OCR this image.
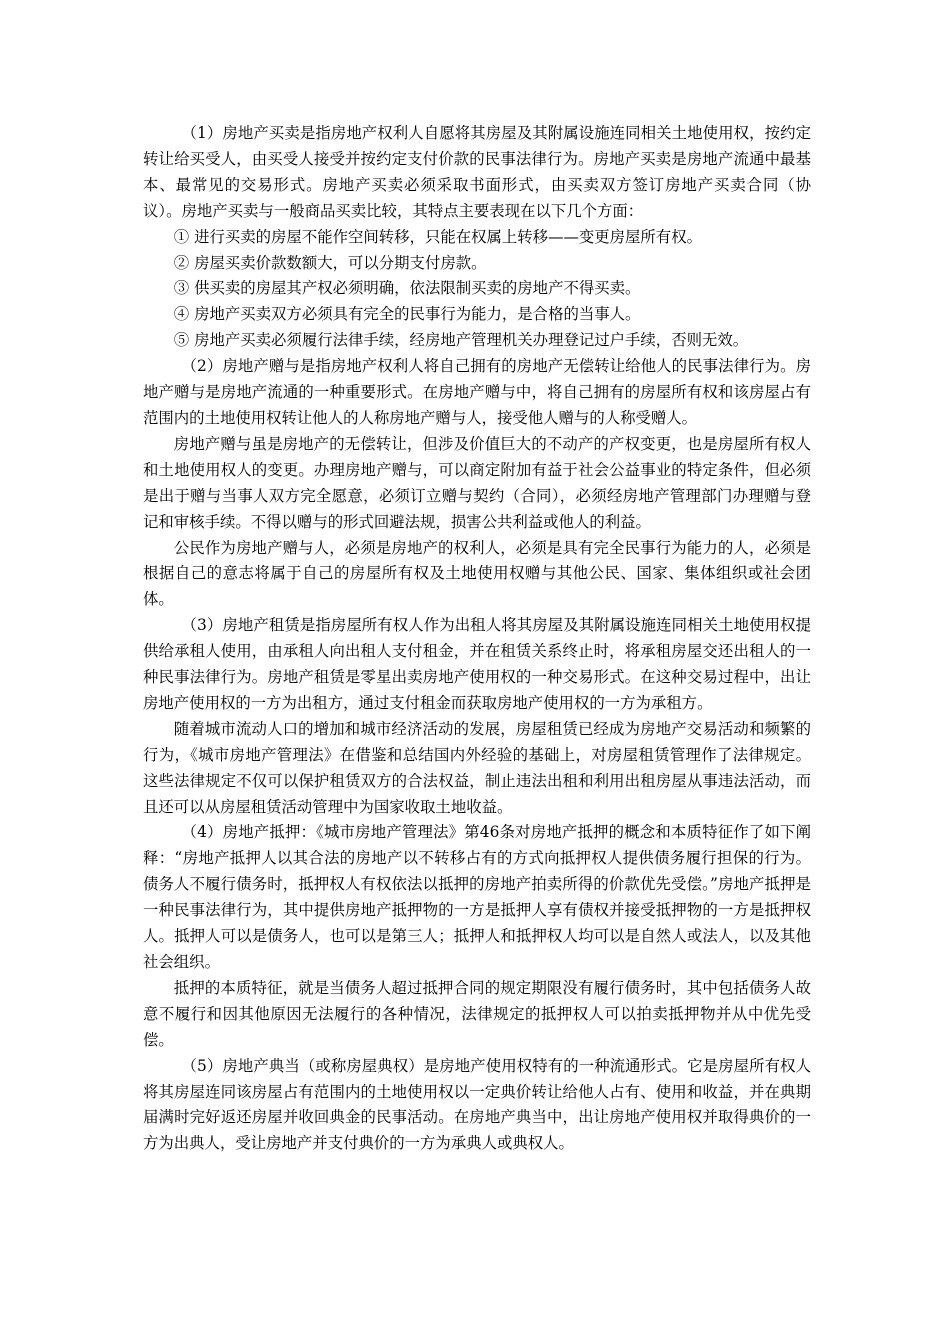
（1）房地产买卖是指房地产权利人自愿将其房屋及其附属设施连同相关土地使用权，按约定转让给买受人，由买受人接受并按约定支付价款的民事法律行为。房地产买卖是房地产流通中最基本、最常见的交易形式。房地产买卖必须采取书面形式，由买卖双方签订房地产买卖合同（协议）。房地产买卖与一般商品买卖比较，其特点主要表现在以下几个方面：

① 进行买卖的房屋不能作空间转移，只能在权属上转移——变更房屋所有权。

② 房屋买卖价款数额大，可以分期支付房款。

③ 供买卖的房屋其产权必须明确，依法限制买卖的房地产不得买卖。

④ 房地产买卖双方必须具有完全的民事行为能力，是合格的当事人。

⑤ 房地产买卖必须履行法律手续，经房地产管理机关办理登记过户手续，否则无效。

（2）房地产赠与是指房地产权利人将自己拥有的房地产无偿转让给他人的民事法律行为。房地产赠与是房地产流通的一种重要形式。在房地产赠与中，将自己拥有的房屋所有权和该房屋占有范围内的土地使用权转让他人的人称房地产赠与人，接受他人赠与的人称受赠人。

房地产赠与虽是房地产的无偿转让，但涉及价值巨大的不动产的产权变更，也是房屋所有权人和土地使用权人的变更。办理房地产赠与，可以商定附加有益于社会公益事业的特定条件，但必须是出于赠与当事人双方完全愿意，必须订立赠与契约（合同），必须经房地产管理部门办理赠与登记和审核手续。不得以赠与的形式回避法规，损害公共利益或他人的利益。

公民作为房地产赠与人，必须是房地产的权利人，必须是具有完全民事行为能力的人，必须是根据自己的意志将属于自己的房屋所有权及土地使用权赠与其他公民、国家、集体组织或社会团体。

（3）房地产租赁是指房屋所有权人作为出租人将其房屋及其附属设施连同相关土地使用权提供给承租人使用，由承租人向出租人支付租金，并在租赁关系终止时，将承租房屋交还出租人的一种民事法律行为。房地产租赁是零星出卖房地产使用权的一种交易形式。在这种交易过程中，出让房地产使用权的一方为出租方，通过支付租金而获取房地产使用权的一方为承租方。

随着城市流动人口的增加和城市经济活动的发展，房屋租赁已经成为房地产交易活动和频繁的行为，《城市房地产管理法》在借鉴和总结国内外经验的基础上，对房屋租赁管理作了法律规定。这些法律规定不仅可以保护租赁双方的合法权益，制止违法出租和利用出租房屋从事违法活动，而且还可以从房屋租赁活动管理中为国家收取土地收益。

（4）房地产抵押：《城市房地产管理法》第46条对房地产抵押的概念和本质特征作了如下阐释：“房地产抵押人以其合法的房地产以不转移占有的方式向抵押权人提供债务履行担保的行为。债务人不履行债务时，抵押权人有权依法以抵押的房地产拍卖所得的价款优先受偿。”房地产抵押是一种民事法律行为，其中提供房地产抵押物的一方是抵押人享有债权并接受抵押物的一方是抵押权人。抵押人可以是债务人，也可以是第三人；抵押人和抵押权人均可以是自然人或法人，以及其他社会组织。

抵押的本质特征，就是当债务人超过抵押合同的规定期限没有履行债务时，其中包括债务人故意不履行和因其他原因无法履行的各种情况，法律规定的抵押权人可以拍卖抵押物并从中优先受偿。

（5）房地产典当（或称房屋典权）是房地产使用权特有的一种流通形式。它是房屋所有权人将其房屋连同该房屋占有范围内的土地使用权以一定典价转让给他人占有、使用和收益，并在典期届满时完好返还房屋并收回典金的民事活动。在房地产典当中，出让房地产使用权并取得典价的一方为出典人，受让房地产并支付典价的一方为承典人或典权人。
